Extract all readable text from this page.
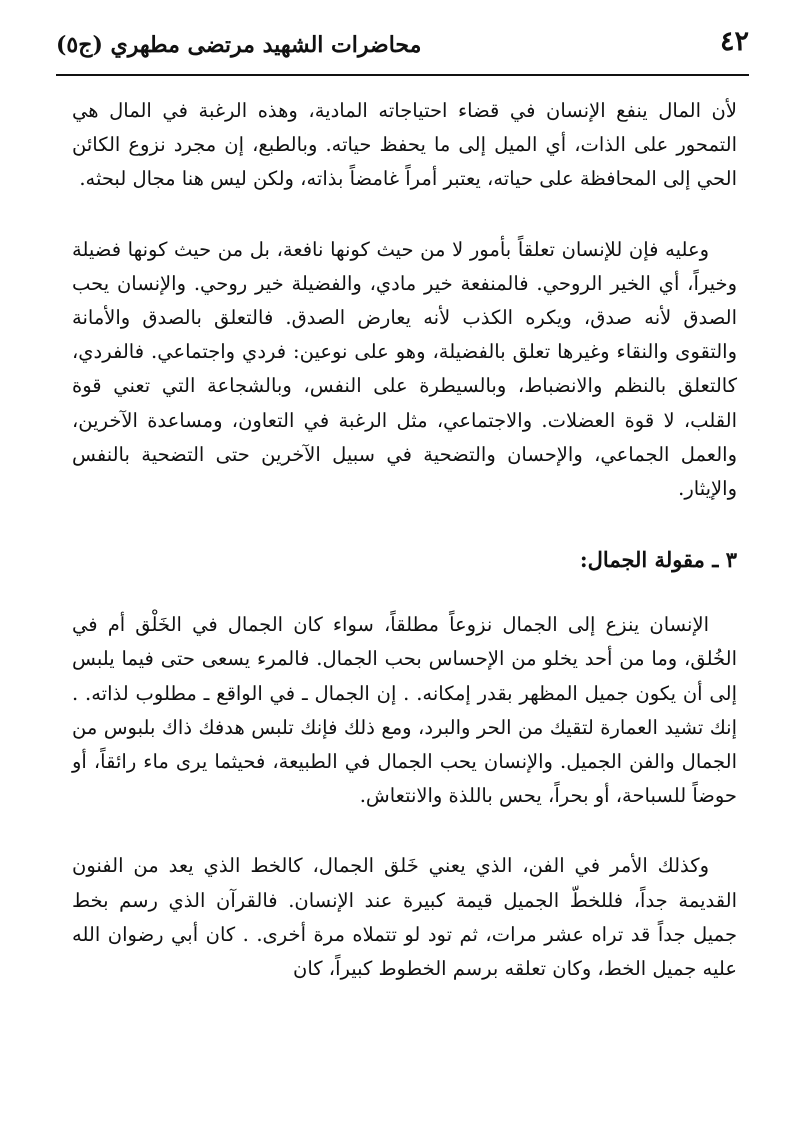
٤٢
محاضرات الشهيد مرتضى مطهري (ج٥)

لأن المال ينفع الإنسان في قضاء احتياجاته المادية، وهذه الرغبة في المال هي التمحور على الذات، أي الميل إلى ما يحفظ حياته. وبالطبع، إن مجرد نزوع الكائن الحي إلى المحافظة على حياته، يعتبر أمراً غامضاً بذاته، ولكن ليس هنا مجال لبحثه.

وعليه فإن للإنسان تعلقاً بأمور لا من حيث كونها نافعة، بل من حيث كونها فضيلة وخيراً، أي الخير الروحي. فالمنفعة خير مادي، والفضيلة خير روحي. والإنسان يحب الصدق لأنه صدق، ويكره الكذب لأنه يعارض الصدق. فالتعلق بالصدق والأمانة والتقوى والنقاء وغيرها تعلق بالفضيلة، وهو على نوعين: فردي واجتماعي. فالفردي، كالتعلق بالنظم والانضباط، وبالسيطرة على النفس، وبالشجاعة التي تعني قوة القلب، لا قوة العضلات. والاجتماعي، مثل الرغبة في التعاون، ومساعدة الآخرين، والعمل الجماعي، والإحسان والتضحية في سبيل الآخرين حتى التضحية بالنفس والإيثار.

٣ ـ مقولة الجمال:

الإنسان ينزع إلى الجمال نزوعاً مطلقاً، سواء كان الجمال في الخَلْق أم في الخُلق، وما من أحد يخلو من الإحساس بحب الجمال. فالمرء يسعى حتى فيما يلبس إلى أن يكون جميل المظهر بقدر إمكانه. . إن الجمال ـ في الواقع ـ مطلوب لذاته. . إنك تشيد العمارة لتقيك من الحر والبرد، ومع ذلك فإنك تلبس هدفك ذاك بلبوس من الجمال والفن الجميل. والإنسان يحب الجمال في الطبيعة، فحيثما يرى ماء رائقاً، أو حوضاً للسباحة، أو بحراً، يحس باللذة والانتعاش.

وكذلك الأمر في الفن، الذي يعني خَلق الجمال، كالخط الذي يعد من الفنون القديمة جداً، فللخطّ الجميل قيمة كبيرة عند الإنسان. فالقرآن الذي رسم بخط جميل جداً قد تراه عشر مرات، ثم تود لو تتملاه مرة أخرى. . كان أبي رضوان الله عليه جميل الخط، وكان تعلقه برسم الخطوط كبيراً، كان
